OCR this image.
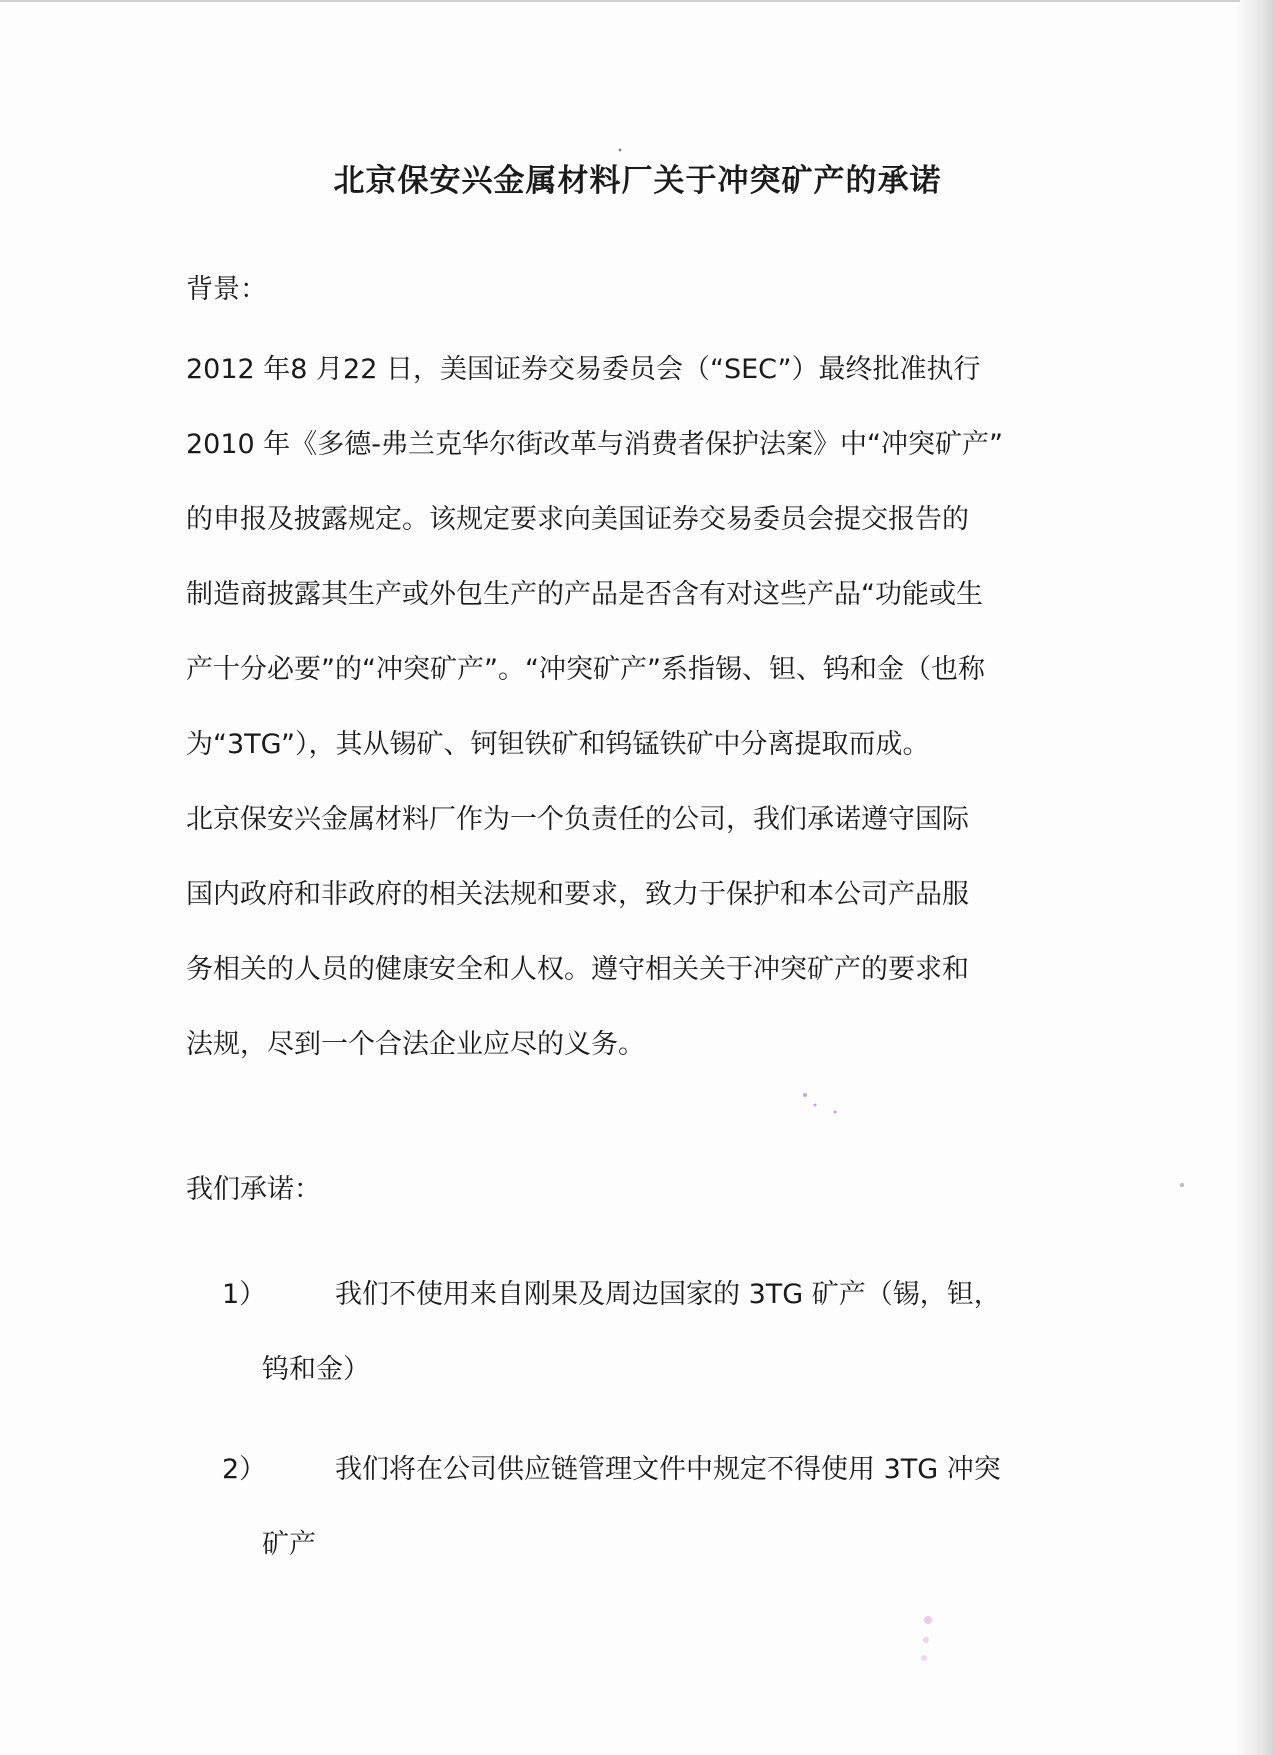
北京保安兴金属材料厂关于冲突矿产的承诺
背景：
2012 年8 月22 日，美国证券交易委员会（“SEC”）最终批准执行
2010 年《多德-弗兰克华尔街改革与消费者保护法案》中“冲突矿产”
的申报及披露规定。该规定要求向美国证券交易委员会提交报告的
制造商披露其生产或外包生产的产品是否含有对这些产品“功能或生
产十分必要”的“冲突矿产”。“冲突矿产”系指锡、钽、钨和金（也称
为“3TG”），其从锡矿、钶钽铁矿和钨锰铁矿中分离提取而成。
北京保安兴金属材料厂作为一个负责任的公司，我们承诺遵守国际
国内政府和非政府的相关法规和要求，致力于保护和本公司产品服
务相关的人员的健康安全和人权。遵守相关关于冲突矿产的要求和
法规，尽到一个合法企业应尽的义务。
我们承诺：
1）	我们不使用来自刚果及周边国家的 3TG 矿产（锡，钽，
钨和金）
2）	我们将在公司供应链管理文件中规定不得使用 3TG 冲突
矿产
